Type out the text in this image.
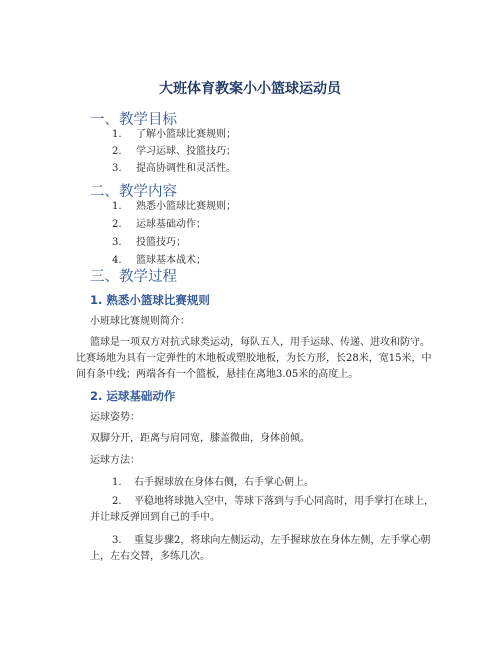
大班体育教案小小篮球运动员
一、教学目标
1. 了解小篮球比赛规则；
2. 学习运球、投篮技巧；
3. 提高协调性和灵活性。
二、教学内容
1. 熟悉小篮球比赛规则；
2. 运球基础动作；
3. 投篮技巧；
4. 篮球基本战术；
三、教学过程
1. 熟悉小篮球比赛规则
小班球比赛规则简介：
篮球是一项双方对抗式球类运动，每队五人，用手运球、传递、进攻和防守。
比赛场地为具有一定弹性的木地板或塑胶地板，为长方形，长28米，宽15米，中
间有条中线；两端各有一个篮板，悬挂在离地3.05米的高度上。
2. 运球基础动作
运球姿势：
双脚分开，距离与肩同宽，膝盖微曲，身体前倾。
运球方法：
1. 右手握球放在身体右侧，右手掌心朝上。
2. 平稳地将球抛入空中，等球下落到与手心同高时，用手掌打在球上，
并让球反弹回到自己的手中。
3. 重复步骤2，将球向左侧运动，左手握球放在身体左侧，左手掌心朝
上，左右交替，多练几次。
